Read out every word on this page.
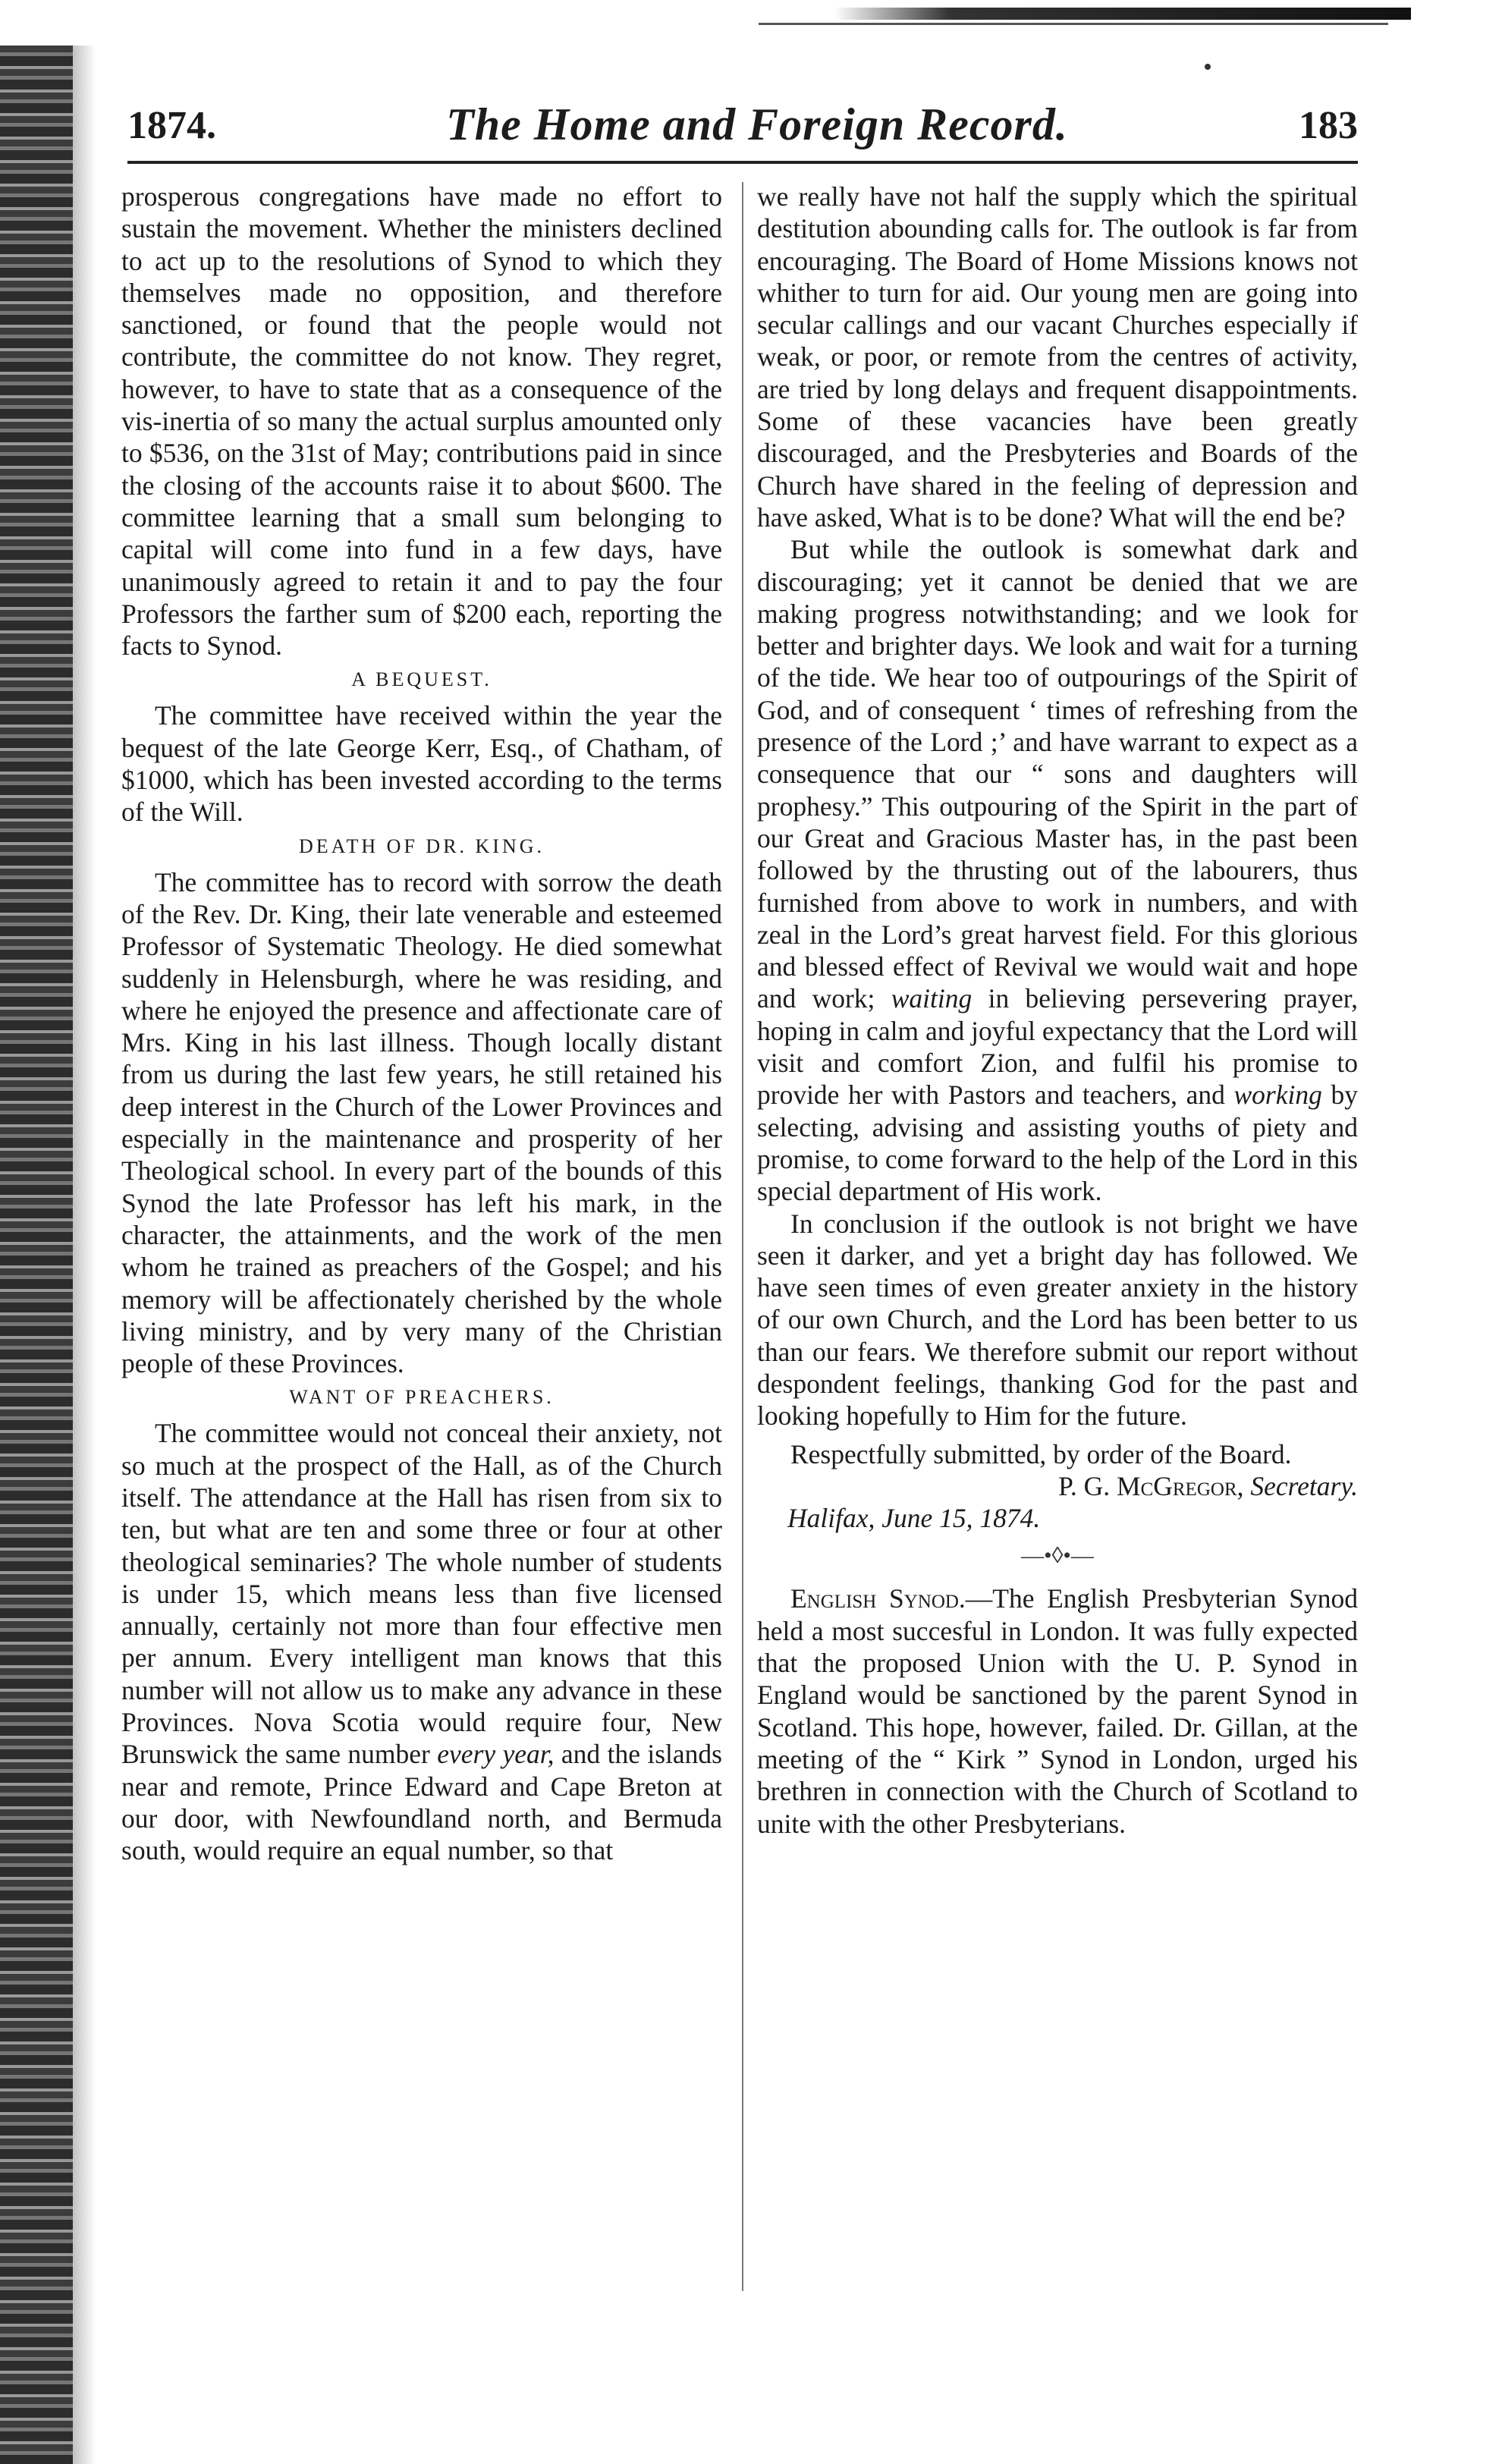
1874.	The Home and Foreign Record.	183

prosperous congregations have made no effort to sustain the movement. Whether the ministers declined to act up to the resolutions of Synod to which they themselves made no opposition, and therefore sanctioned, or found that the people would not contribute, the committee do not know. They regret, however, to have to state that as a consequence of the vis-inertia of so many the actual surplus amounted only to $536, on the 31st of May; contributions paid in since the closing of the accounts raise it to about $600. The committee learning that a small sum belonging to capital will come into fund in a few days, have unanimously agreed to retain it and to pay the four Professors the farther sum of $200 each, reporting the facts to Synod.

A BEQUEST.

The committee have received within the year the bequest of the late George Kerr, Esq., of Chatham, of $1000, which has been invested according to the terms of the Will.

DEATH OF DR. KING.

The committee has to record with sorrow the death of the Rev. Dr. King, their late venerable and esteemed Professor of Systematic Theology. He died somewhat suddenly in Helensburgh, where he was residing, and where he enjoyed the presence and affectionate care of Mrs. King in his last illness. Though locally distant from us during the last few years, he still retained his deep interest in the Church of the Lower Provinces and especially in the maintenance and prosperity of her Theological school. In every part of the bounds of this Synod the late Professor has left his mark, in the character, the attainments, and the work of the men whom he trained as preachers of the Gospel; and his memory will be affectionately cherished by the whole living ministry, and by very many of the Christian people of these Provinces.

WANT OF PREACHERS.

The committee would not conceal their anxiety, not so much at the prospect of the Hall, as of the Church itself. The attendance at the Hall has risen from six to ten, but what are ten and some three or four at other theological seminaries? The whole number of students is under 15, which means less than five licensed annually, certainly not more than four effective men per annum. Every intelligent man knows that this number will not allow us to make any advance in these Provinces. Nova Scotia would require four, New Brunswick the same number every year, and the islands near and remote, Prince Edward and Cape Breton at our door, with Newfoundland north, and Bermuda south, would require an equal number, so that

we really have not half the supply which the spiritual destitution abounding calls for. The outlook is far from encouraging. The Board of Home Missions knows not whither to turn for aid. Our young men are going into secular callings and our vacant Churches especially if weak, or poor, or remote from the centres of activity, are tried by long delays and frequent disappointments. Some of these vacancies have been greatly discouraged, and the Presbyteries and Boards of the Church have shared in the feeling of depression and have asked, What is to be done? What will the end be?

But while the outlook is somewhat dark and discouraging; yet it cannot be denied that we are making progress notwithstanding; and we look for better and brighter days. We look and wait for a turning of the tide. We hear too of outpourings of the Spirit of God, and of consequent ‘ times of refreshing from the presence of the Lord ;’ and have warrant to expect as a consequence that our “ sons and daughters will prophesy.” This outpouring of the Spirit in the part of our Great and Gracious Master has, in the past been followed by the thrusting out of the labourers, thus furnished from above to work in numbers, and with zeal in the Lord’s great harvest field. For this glorious and blessed effect of Revival we would wait and hope and work; waiting in believing persevering prayer, hoping in calm and joyful expectancy that the Lord will visit and comfort Zion, and fulfil his promise to provide her with Pastors and teachers, and working by selecting, advising and assisting youths of piety and promise, to come forward to the help of the Lord in this special department of His work.

In conclusion if the outlook is not bright we have seen it darker, and yet a bright day has followed. We have seen times of even greater anxiety in the history of our own Church, and the Lord has been better to us than our fears. We therefore submit our report without despondent feelings, thanking God for the past and looking hopefully to Him for the future.

Respectfully submitted, by order of the Board.

P. G. McGregor, Secretary.

Halifax, June 15, 1874.

—•◊•—

English Synod.—The English Presbyterian Synod held a most succesful in London. It was fully expected that the proposed Union with the U. P. Synod in England would be sanctioned by the parent Synod in Scotland. This hope, however, failed. Dr. Gillan, at the meeting of the “ Kirk ” Synod in London, urged his brethren in connection with the Church of Scotland to unite with the other Presbyterians.
